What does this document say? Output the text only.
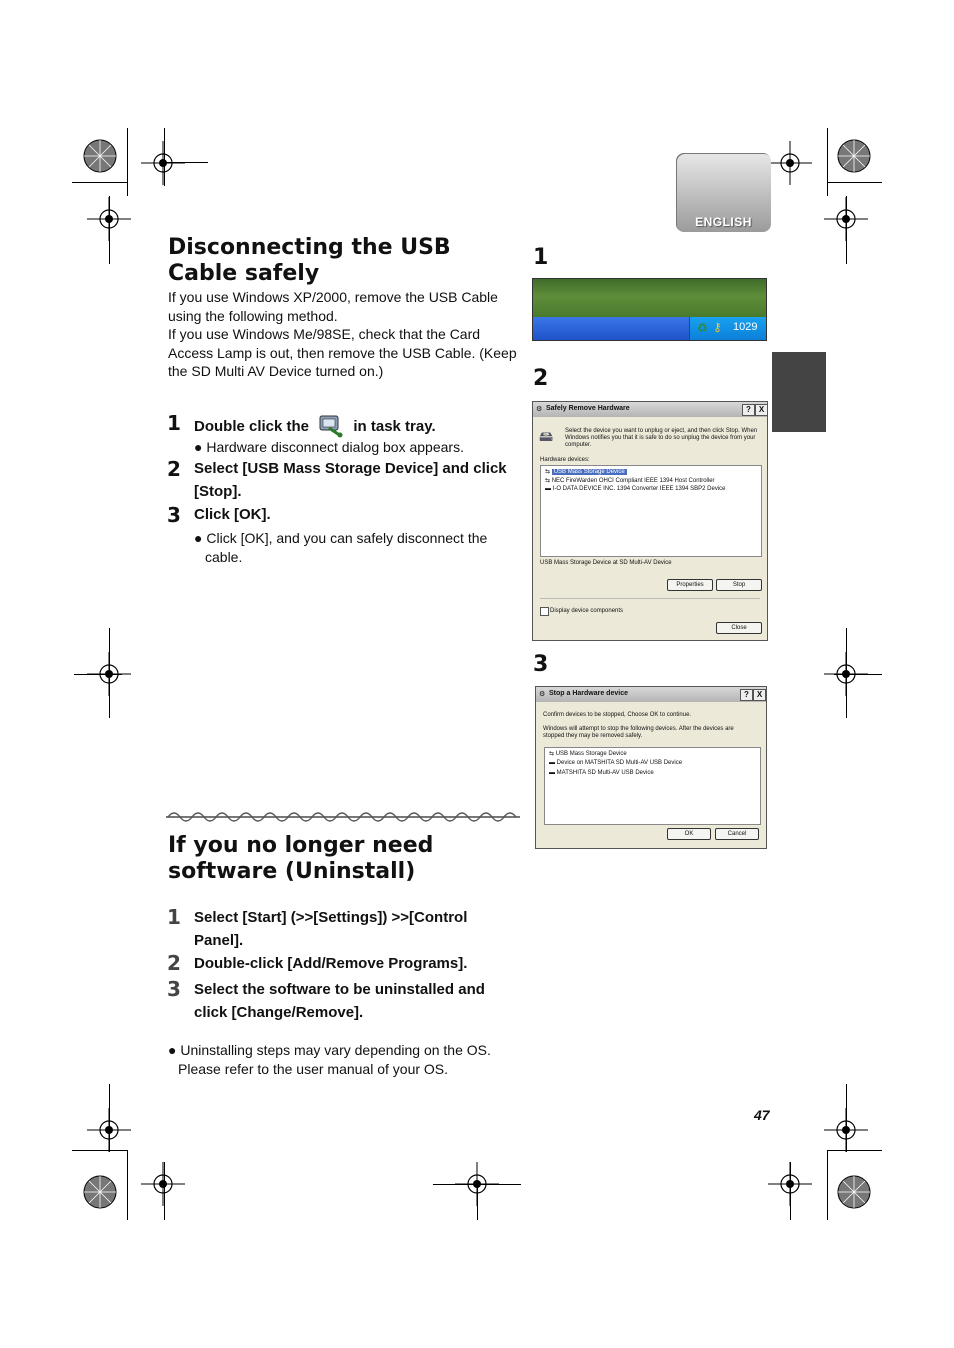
ENGLISH
Disconnecting the USB Cable safely
If you use Windows XP/2000, remove the USB Cable using the following method.
If you use Windows Me/98SE, check that the Card Access Lamp is out, then remove the USB Cable. (Keep the SD Multi AV Device turned on.)
1 Double click the	in task tray.
● Hardware disconnect dialog box appears.
2 Select [USB Mass Storage Device] and click [Stop].
3 Click [OK].
● Click [OK], and you can safely disconnect the cable.
If you no longer need software (Uninstall)
1 Select [Start] (>>[Settings]) >>[Control Panel].
2 Double-click [Add/Remove Programs].
3 Select the software to be uninstalled and click [Change/Remove].
● Uninstalling steps may vary depending on the OS. Please refer to the user manual of your OS.
1
2
3
♻ ⚷ 1029
⚙ Safely Remove Hardware	? X
🖴 Select the device you want to unplug or eject, and then click Stop. When Windows notifies you that it is safe to do so unplug the device from your computer.
Hardware devices:
⇆ USB Mass Storage Device
⇆ NEC FireWarden OHCI Compliant IEEE 1394 Host Controller
▬ I-O DATA DEVICE INC. 1394 Converter IEEE 1394 SBP2 Device
USB Mass Storage Device at SD Multi-AV Device
Properties	Stop
Display device components
Close
⚙ Stop a Hardware device	? X
Confirm devices to be stopped, Choose OK to continue.
Windows will attempt to stop the following devices. After the devices are stopped they may be removed safely.
⇆ USB Mass Storage Device
▬ Device on MATSHITA SD Multi-AV USB Device
▬ MATSHITA SD Multi-AV USB Device
OK	Cancel
47
